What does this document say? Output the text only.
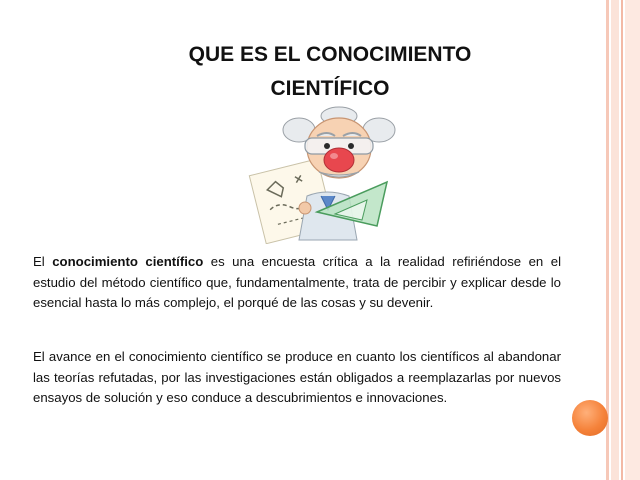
QUE ES EL CONOCIMIENTO
CIENTÍFICO

El conocimiento científico es una encuesta crítica a la realidad refiriéndose en el estudio del método científico que, fundamentalmente, trata de percibir y explicar desde lo esencial hasta lo más complejo, el porqué de las cosas y su devenir.

El avance en el conocimiento científico se produce en cuanto los científicos al abandonar las teorías refutadas, por las investigaciones están obligados a reemplazarlas por nuevos ensayos de solución y eso conduce a descubrimientos e innovaciones.
